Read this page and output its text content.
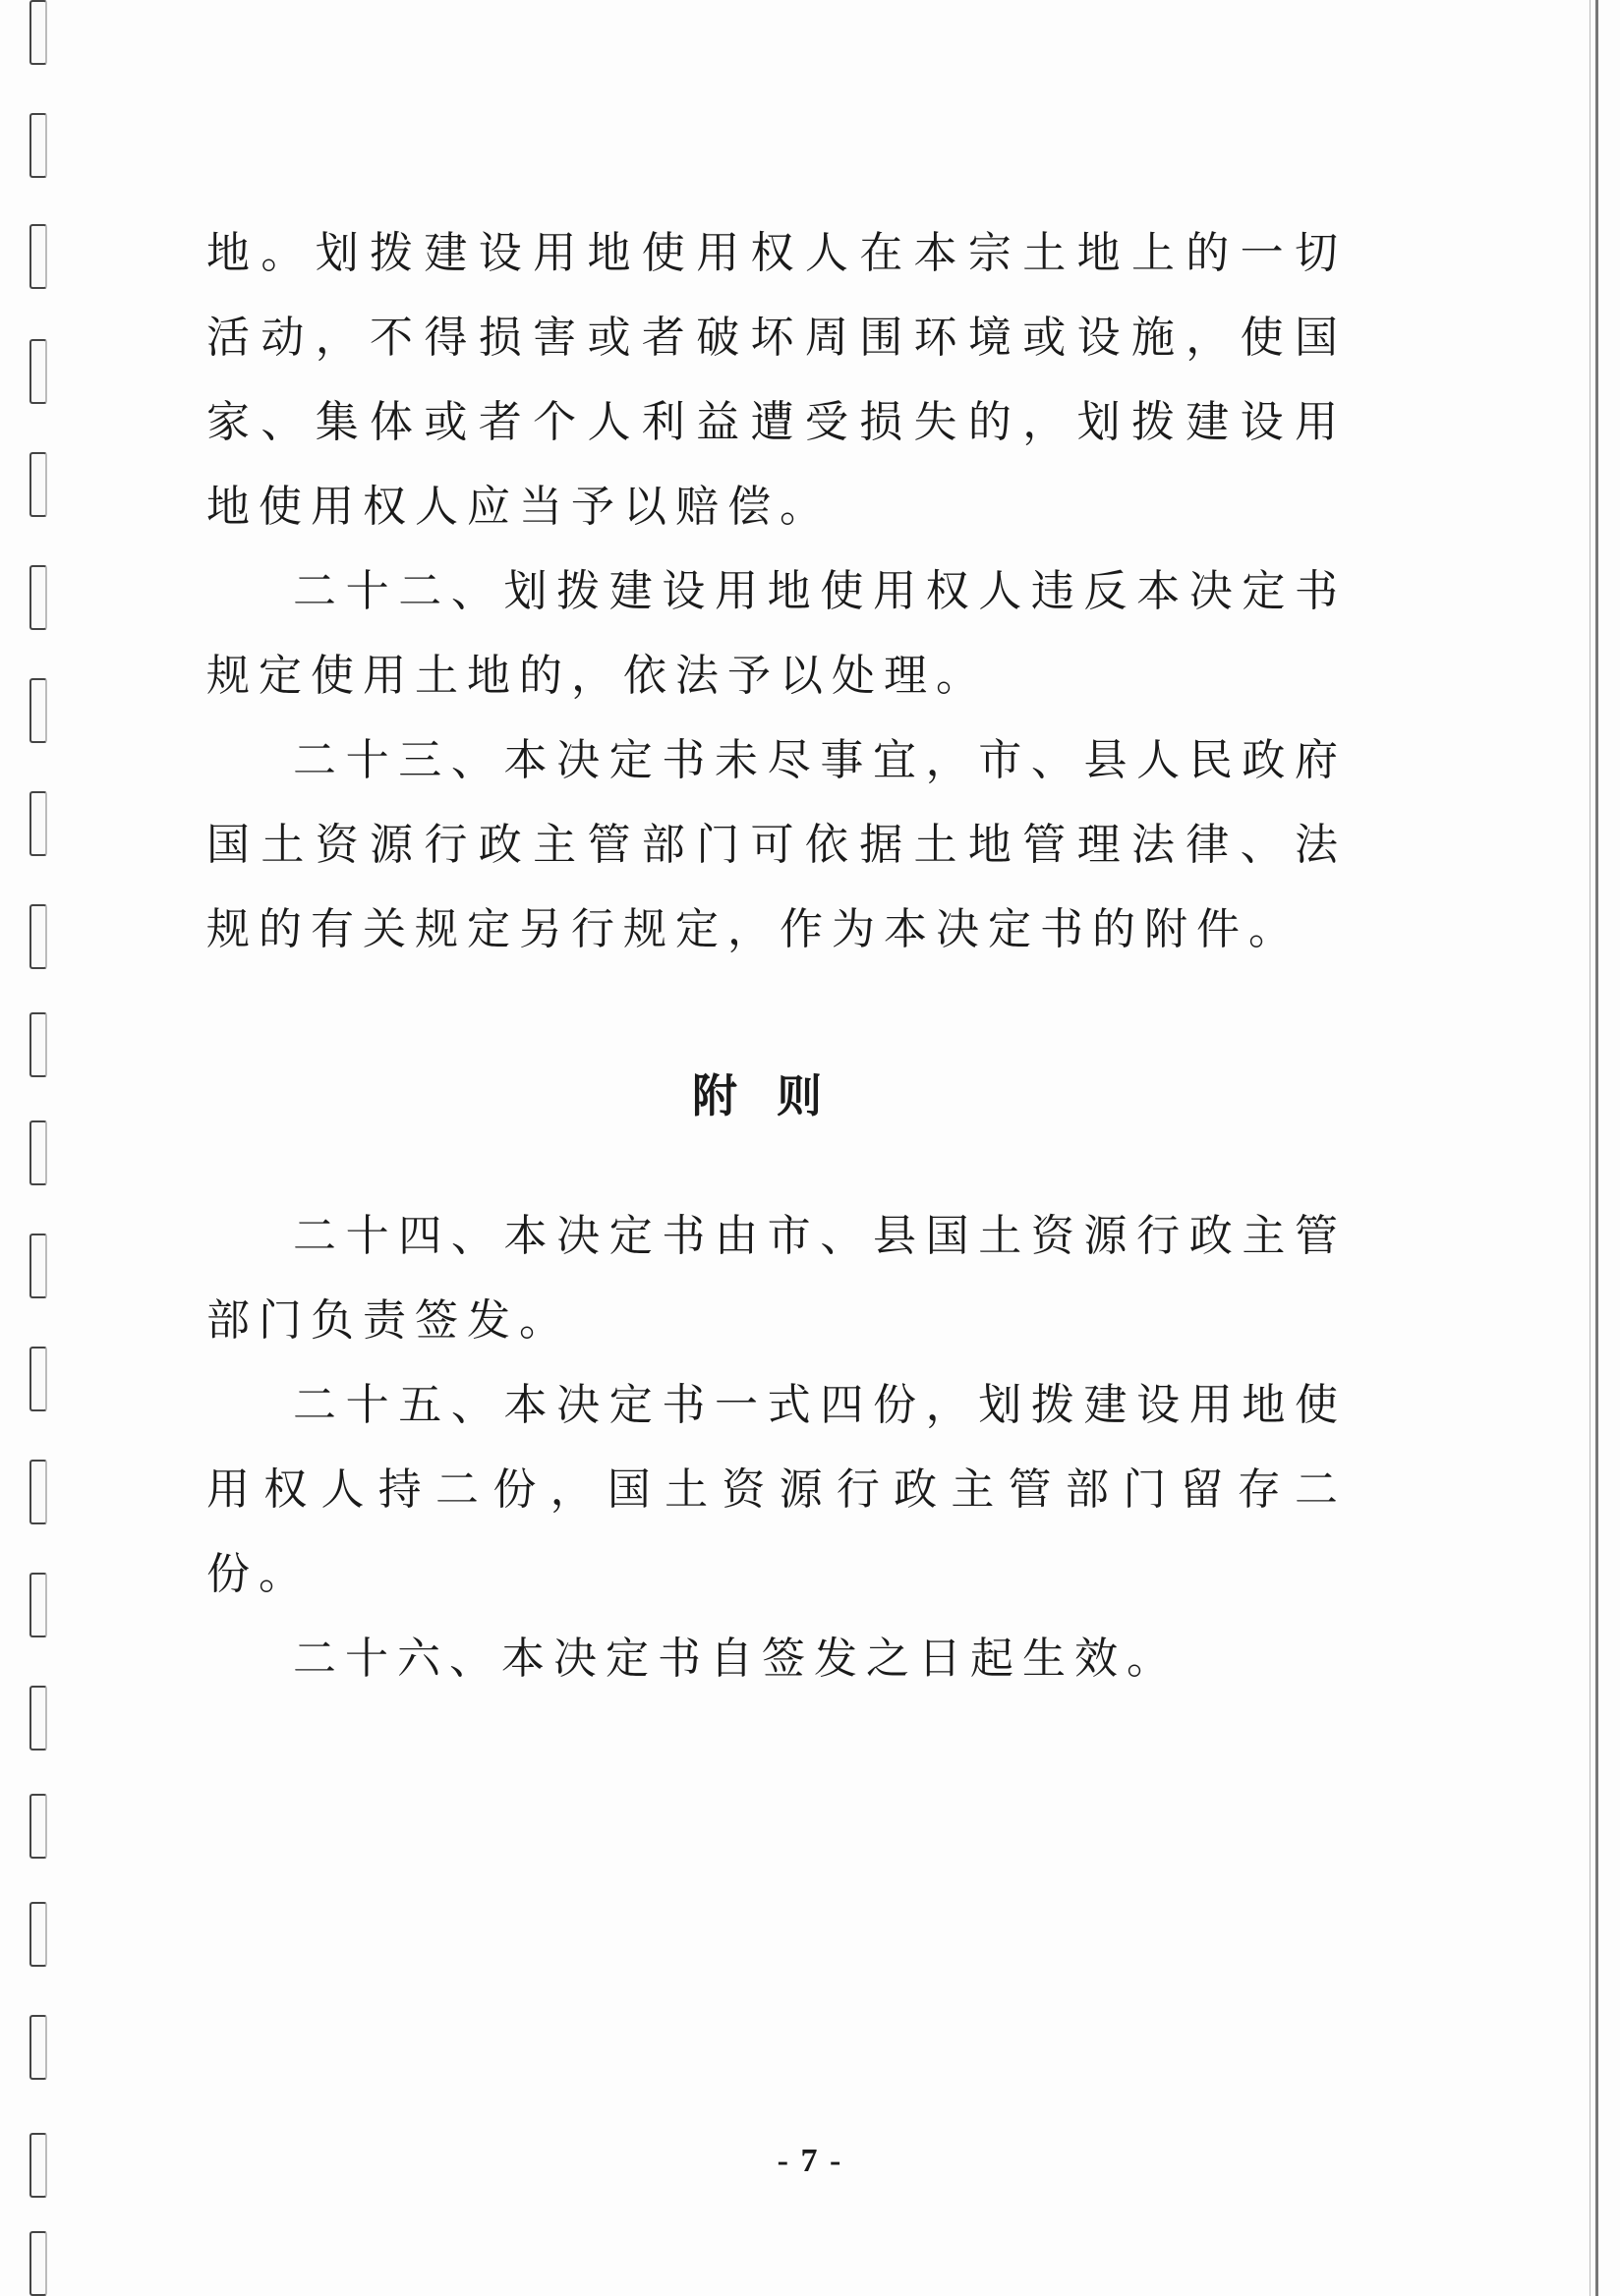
地。划拨建设用地使用权人在本宗土地上的一切活动，不得损害或者破坏周围环境或设施，使国家、集体或者个人利益遭受损失的，划拨建设用地使用权人应当予以赔偿。

二十二、划拨建设用地使用权人违反本决定书规定使用土地的，依法予以处理。

二十三、本决定书未尽事宜，市、县人民政府国土资源行政主管部门可依据土地管理法律、法规的有关规定另行规定，作为本决定书的附件。

附则

二十四、本决定书由市、县国土资源行政主管部门负责签发。

二十五、本决定书一式四份，划拨建设用地使用权人持二份，国土资源行政主管部门留存二份。

二十六、本决定书自签发之日起生效。

- 7 -
